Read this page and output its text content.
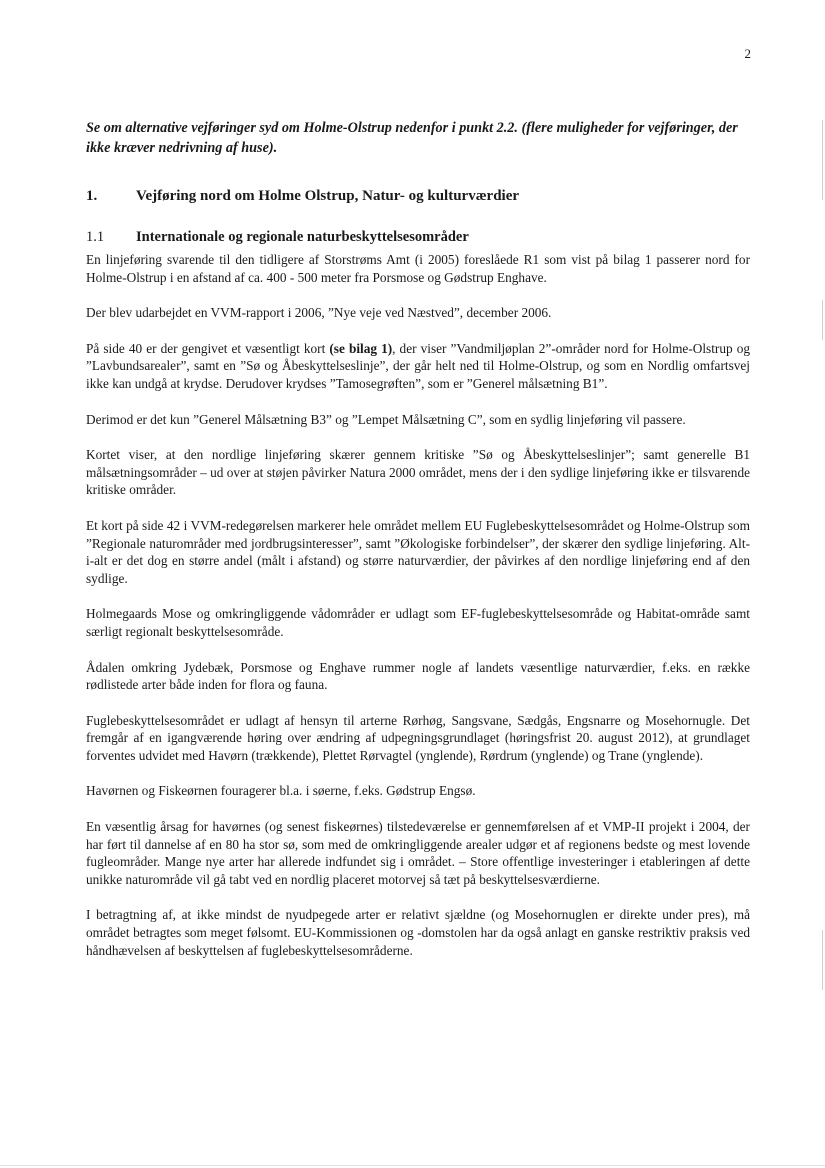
2
Se om alternative vejføringer syd om Holme-Olstrup nedenfor i punkt 2.2. (flere muligheder for vejføringer, der ikke kræver nedrivning af huse).
1.	Vejføring nord om Holme Olstrup, Natur- og kulturværdier
1.1 Internationale og regionale naturbeskyttelsesområder

En linjeføring svarende til den tidligere af Storstrøms Amt (i 2005) foreslåede R1 som vist på bilag 1 passerer nord for Holme-Olstrup i en afstand af ca. 400 - 500 meter fra Porsmose og Gødstrup Enghave.

Der blev udarbejdet en VVM-rapport i 2006, ”Nye veje ved Næstved”, december 2006.

På side 40 er der gengivet et væsentligt kort (se bilag 1), der viser ”Vandmiljøplan 2”-områder nord for Holme-Olstrup og ”Lavbundsarealer”, samt en ”Sø og Åbeskyttelseslinje”, der går helt ned til Holme-Olstrup, og som en Nordlig omfartsvej ikke kan undgå at krydse. Derudover krydses ”Tamosegrøften”, som er ”Generel målsætning B1”.

Derimod er det kun ”Generel Målsætning B3” og ”Lempet Målsætning C”, som en sydlig linjeføring vil passere.

Kortet viser, at den nordlige linjeføring skærer gennem kritiske ”Sø og Åbeskyttelseslinjer”; samt generelle B1 målsætningsområder – ud over at støjen påvirker Natura 2000 området, mens der i den sydlige linjeføring ikke er tilsvarende kritiske områder.

Et kort på side 42 i VVM-redegørelsen markerer hele området mellem EU Fuglebeskyttelsesområdet og Holme-Olstrup som ”Regionale naturområder med jordbrugsinteresser”, samt ”Økologiske forbindelser”, der skærer den sydlige linjeføring. Alt-i-alt er det dog en større andel (målt i afstand) og større naturværdier, der påvirkes af den nordlige linjeføring end af den sydlige.

Holmegaards Mose og omkringliggende vådområder er udlagt som EF-fuglebeskyttelsesområde og Habitat-område samt særligt regionalt beskyttelsesområde.

Ådalen omkring Jydebæk, Porsmose og Enghave rummer nogle af landets væsentlige naturværdier, f.eks. en række rødlistede arter både inden for flora og fauna.

Fuglebeskyttelsesområdet er udlagt af hensyn til arterne Rørhøg, Sangsvane, Sædgås, Engsnarre og Mosehornugle. Det fremgår af en igangværende høring over ændring af udpegningsgrundlaget (høringsfrist 20. august 2012), at grundlaget forventes udvidet med Havørn (trækkende), Plettet Rørvagtel (ynglende), Rørdrum (ynglende) og Trane (ynglende).

Havørnen og Fiskeørnen fouragerer bl.a. i søerne, f.eks. Gødstrup Engsø.

En væsentlig årsag for havørnes (og senest fiskeørnes) tilstedeværelse er gennemførelsen af et VMP-II projekt i 2004, der har ført til dannelse af en 80 ha stor sø, som med de omkringliggende arealer udgør et af regionens bedste og mest lovende fugleområder. Mange nye arter har allerede indfundet sig i området. – Store offentlige investeringer i etableringen af dette unikke naturområde vil gå tabt ved en nordlig placeret motorvej så tæt på beskyttelsesværdierne.

I betragtning af, at ikke mindst de nyudpegede arter er relativt sjældne (og Mosehornuglen er direkte under pres), må området betragtes som meget følsomt. EU-Kommissionen og -domstolen har da også anlagt en ganske restriktiv praksis ved håndhævelsen af beskyttelsen af fuglebeskyttelsesområderne.
